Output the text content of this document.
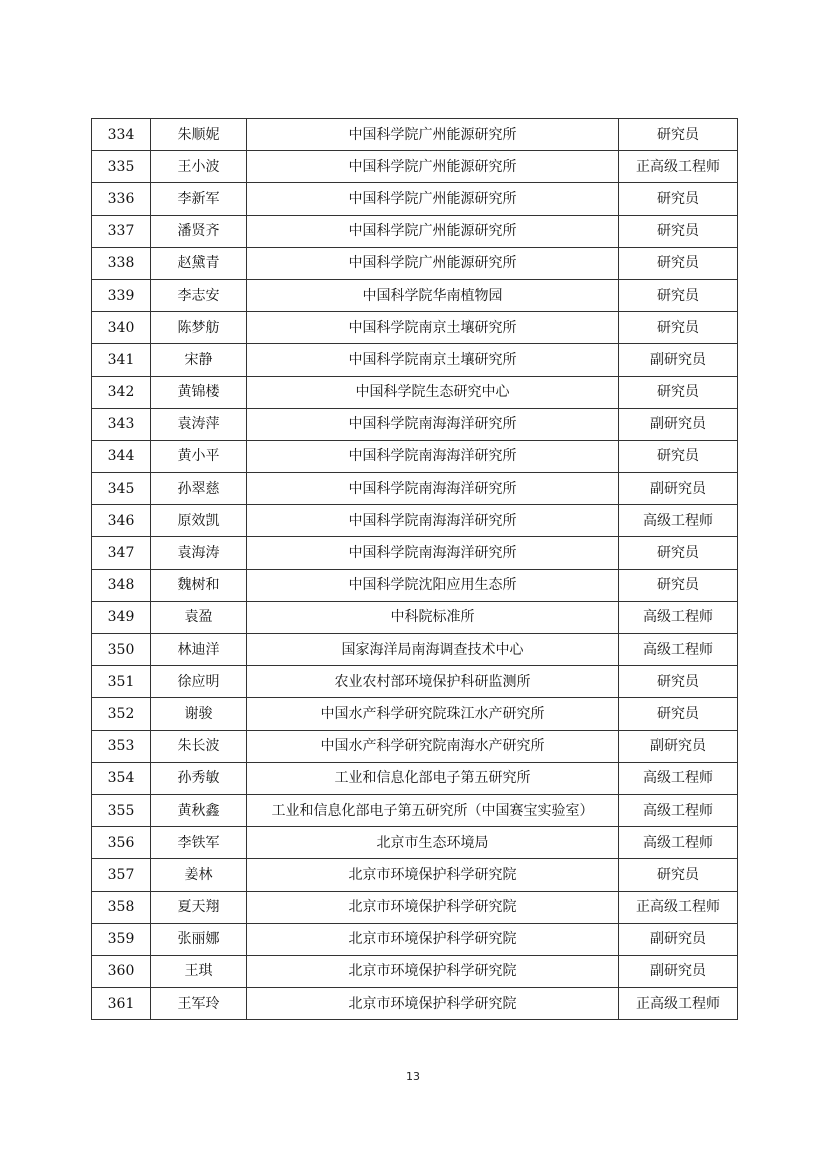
334	朱顺妮	中国科学院广州能源研究所	研究员
335	王小波	中国科学院广州能源研究所	正高级工程师
336	李新军	中国科学院广州能源研究所	研究员
337	潘贤齐	中国科学院广州能源研究所	研究员
338	赵黛青	中国科学院广州能源研究所	研究员
339	李志安	中国科学院华南植物园	研究员
340	陈梦舫	中国科学院南京土壤研究所	研究员
341	宋静	中国科学院南京土壤研究所	副研究员
342	黄锦楼	中国科学院生态研究中心	研究员
343	袁涛萍	中国科学院南海海洋研究所	副研究员
344	黄小平	中国科学院南海海洋研究所	研究员
345	孙翠慈	中国科学院南海海洋研究所	副研究员
346	原效凯	中国科学院南海海洋研究所	高级工程师
347	袁海涛	中国科学院南海海洋研究所	研究员
348	魏树和	中国科学院沈阳应用生态所	研究员
349	袁盈	中科院标准所	高级工程师
350	林迪洋	国家海洋局南海调查技术中心	高级工程师
351	徐应明	农业农村部环境保护科研监测所	研究员
352	谢骏	中国水产科学研究院珠江水产研究所	研究员
353	朱长波	中国水产科学研究院南海水产研究所	副研究员
354	孙秀敏	工业和信息化部电子第五研究所	高级工程师
355	黄秋鑫	工业和信息化部电子第五研究所（中国赛宝实验室）	高级工程师
356	李铁军	北京市生态环境局	高级工程师
357	姜林	北京市环境保护科学研究院	研究员
358	夏天翔	北京市环境保护科学研究院	正高级工程师
359	张丽娜	北京市环境保护科学研究院	副研究员
360	王琪	北京市环境保护科学研究院	副研究员
361	王军玲	北京市环境保护科学研究院	正高级工程师
13
